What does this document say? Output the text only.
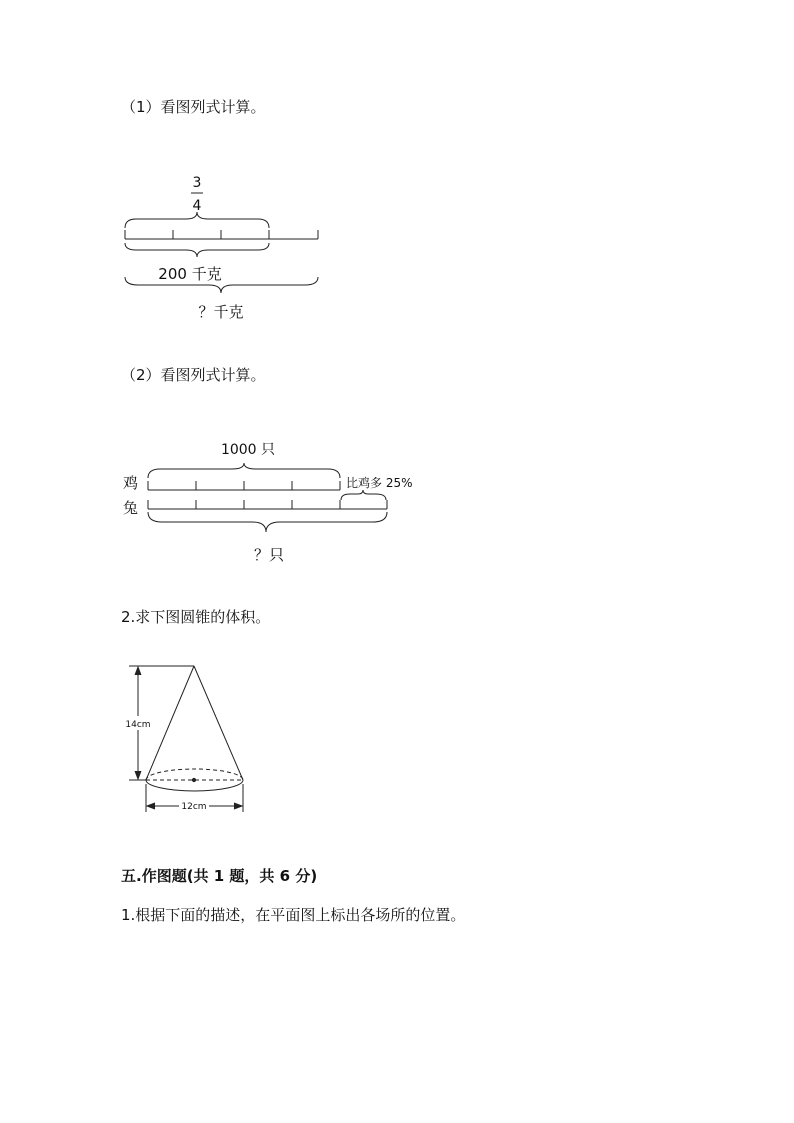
（1）看图列式计算。
3
4
200 千克
？千克
1000 只
鸡	比鸡多 25%
兔
？只
14cm
12cm
（2）看图列式计算。
2.求下图圆锥的体积。
五.作图题(共 1 题，共 6 分)
1.根据下面的描述，在平面图上标出各场所的位置。
